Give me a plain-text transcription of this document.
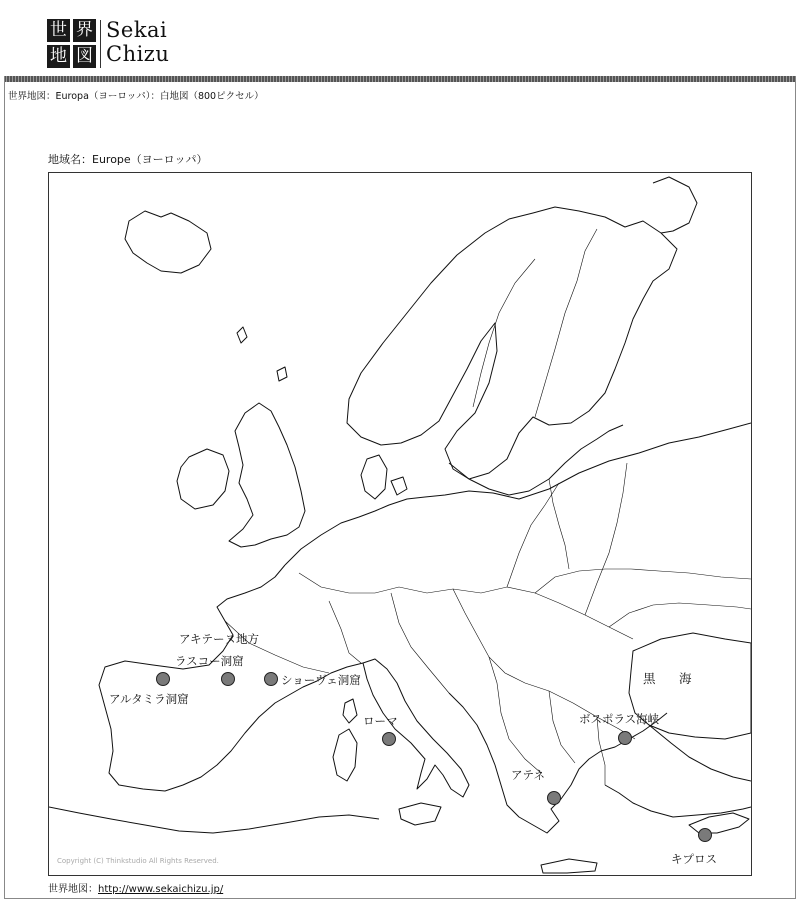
世 界
地 図
Sekai
Chizu
世界地図：Europa（ヨーロッパ）：白地図（800ピクセル）
地域名：Europe（ヨーロッパ）
アルタミラ洞窟
ラスコー洞窟
アキテーヌ地方
ショーヴェ洞窟
ローマ	ボスポラス海峡
アテネ
キプロス
黒 海
Copyright (C) Thinkstudio All Rights Reserved.
世界地図：http://www.sekaichizu.jp/
